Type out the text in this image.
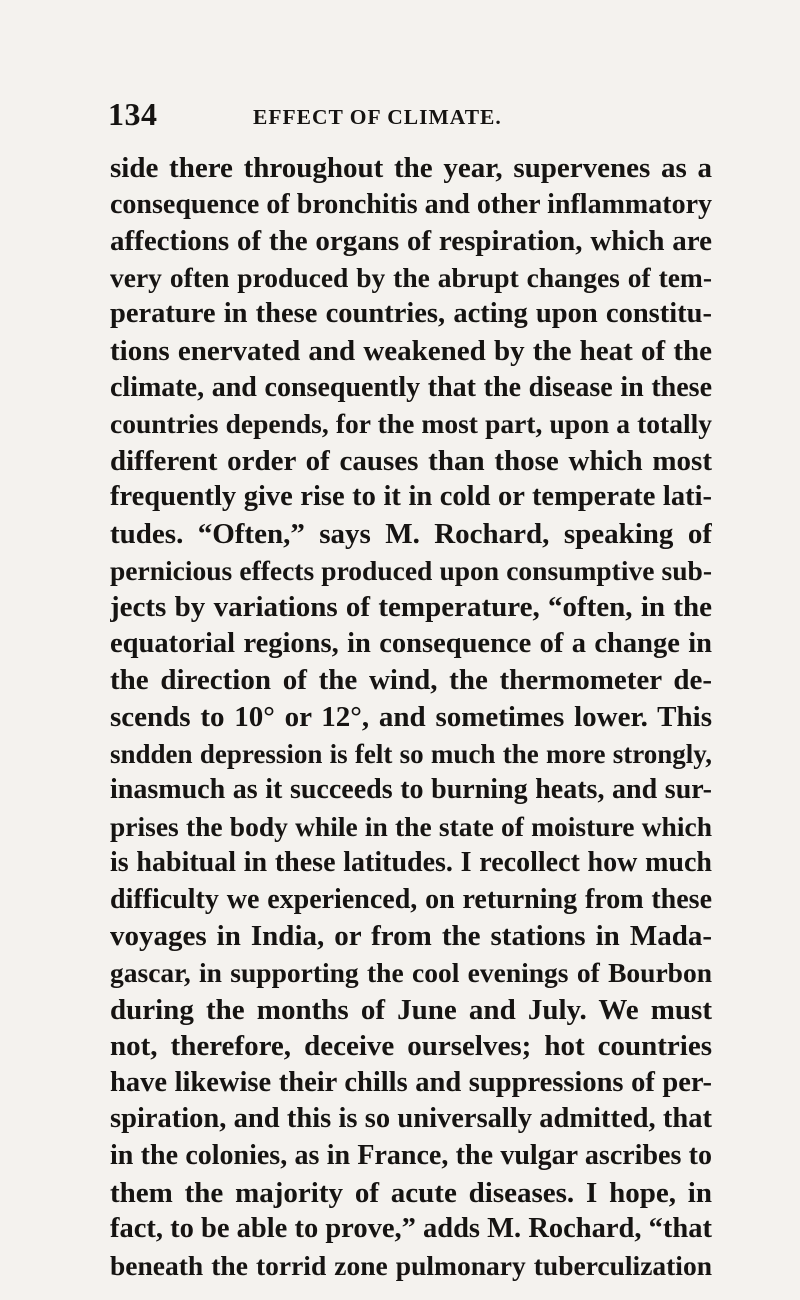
134	EFFECT OF CLIMATE.
side there throughout the year, supervenes as a
consequence of bronchitis and other inflammatory
affections of the organs of respiration, which are
very often produced by the abrupt changes of tem-
perature in these countries, acting upon constitu-
tions enervated and weakened by the heat of the
climate, and consequently that the disease in these
countries depends, for the most part, upon a totally
different order of causes than those which most
frequently give rise to it in cold or temperate lati-
tudes. “Often,” says M. Rochard, speaking of
pernicious effects produced upon consumptive sub-
jects by variations of temperature, “often, in the
equatorial regions, in consequence of a change in
the direction of the wind, the thermometer de-
scends to 10° or 12°, and sometimes lower. This
sndden depression is felt so much the more strongly,
inasmuch as it succeeds to burning heats, and sur-
prises the body while in the state of moisture which
is habitual in these latitudes. I recollect how much
difficulty we experienced, on returning from these
voyages in India, or from the stations in Mada-
gascar, in supporting the cool evenings of Bourbon
during the months of June and July. We must
not, therefore, deceive ourselves; hot countries
have likewise their chills and suppressions of per-
spiration, and this is so universally admitted, that
in the colonies, as in France, the vulgar ascribes to
them the majority of acute diseases. I hope, in
fact, to be able to prove,” adds M. Rochard, “that
beneath the torrid zone pulmonary tuberculization
